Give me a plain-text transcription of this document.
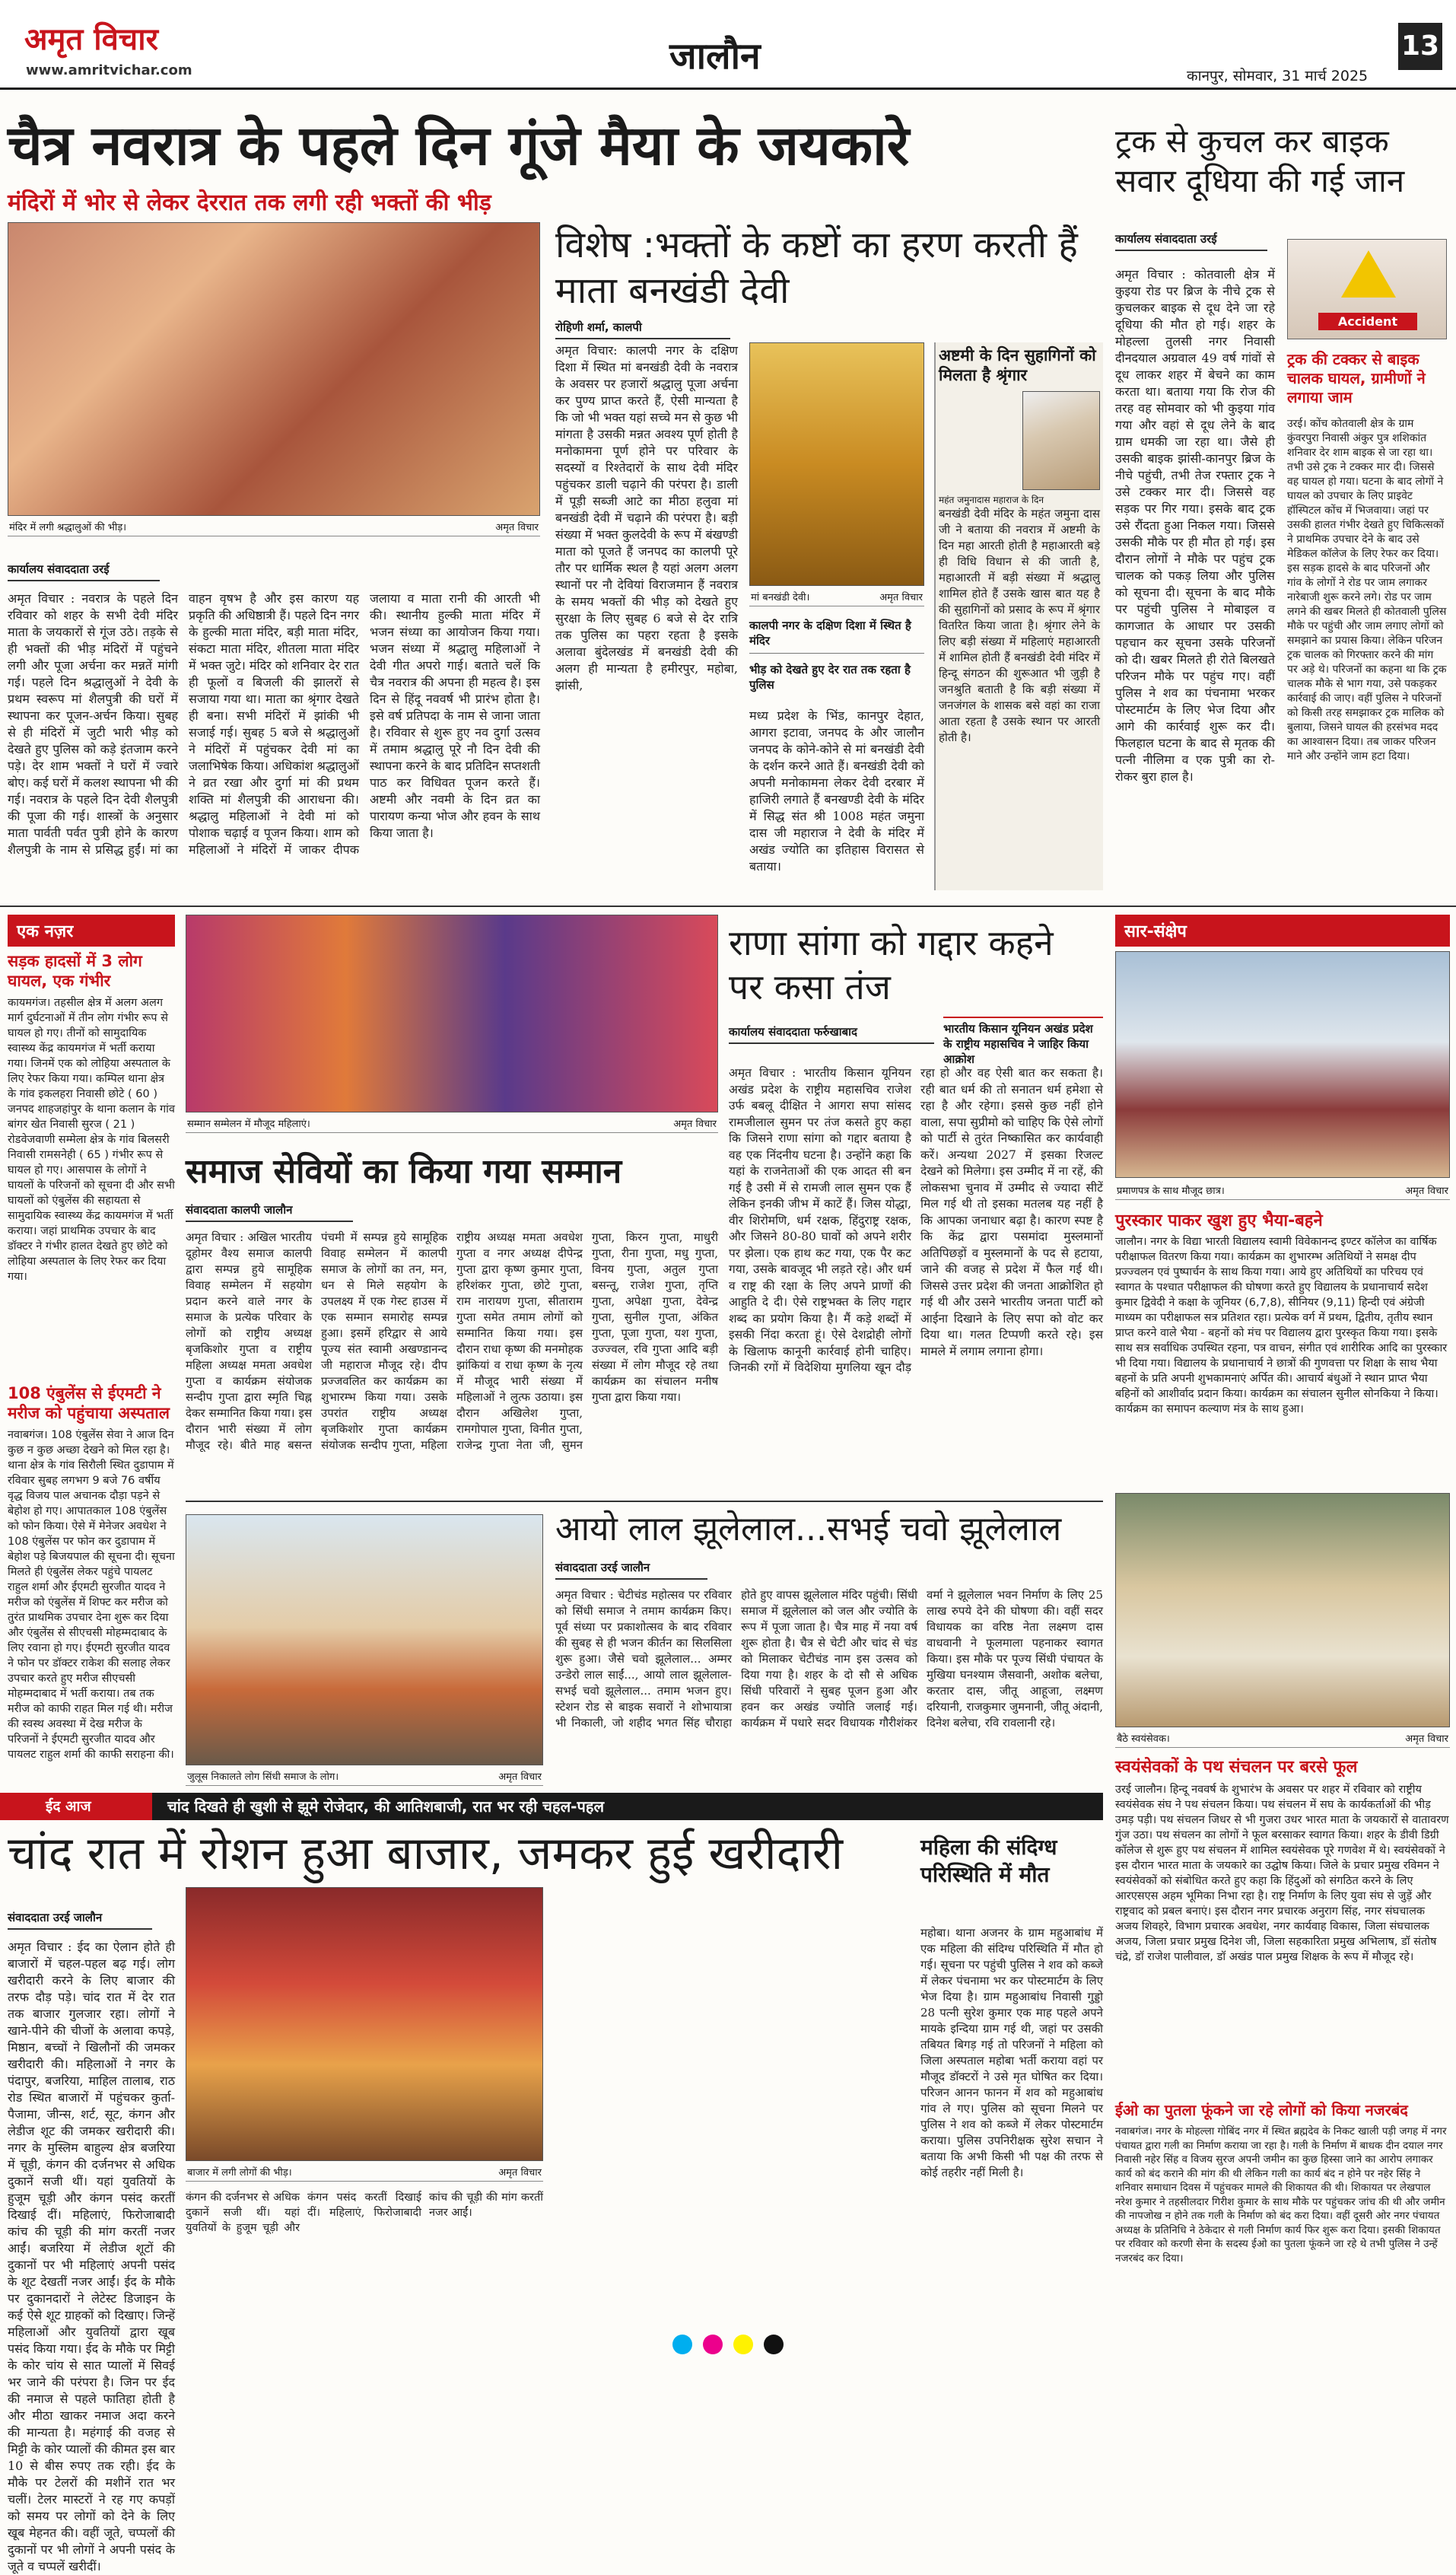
अमृत विचार
www.amritvichar.com	जालौन	कानपुर, सोमवार, 31 मार्च 2025
13
चैत्र नवरात्र के पहले दिन गूंजे मैया के जयकारे
मंदिरों में भोर से लेकर देररात तक लगी रही भक्तों की भीड़
मंदिर में लगी श्रद्धालुओं की भीड़।	अमृत विचार
कार्यालय संवाददाता उरई
अमृत विचार : नवरात्र के पहले दिन रविवार को शहर के सभी देवी मंदिर माता के जयकारों से गूंज उठे। तड़के से ही भक्तों की भीड़ मंदिरों में पहुंचने लगी और पूजा अर्चना कर मन्नतें मांगी गई। पहले दिन श्रद्धालुओं ने देवी के प्रथम स्वरूप मां शैलपुत्री की घरों में स्थापना कर पूजन-अर्चन किया। सुबह से ही मंदिरों में जुटी भारी भीड़ को देखते हुए पुलिस को कड़े इंतजाम करने पड़े। देर शाम भक्तों ने घरों में ज्वारे बोए। कई घरों में कलश स्थापना भी की गई। नवरात्र के पहले दिन देवी शैलपुत्री की पूजा की गई। शास्त्रों के अनुसार माता पार्वती पर्वत पुत्री होने के कारण शैलपुत्री के नाम से प्रसिद्ध हुईं। मां का वाहन वृषभ है और इस कारण यह प्रकृति की अधिष्ठात्री हैं। पहले दिन नगर के हुल्की माता मंदिर, बड़ी माता मंदिर, संकटा माता मंदिर, शीतला माता मंदिर में भक्त जुटे। मंदिर को शनिवार देर रात ही फूलों व बिजली की झालरों से सजाया गया था। माता का श्रृंगार देखते ही बना। सभी मंदिरों में झांकी भी सजाई गई। सुबह 5 बजे से श्रद्धालुओं ने मंदिरों में पहुंचकर देवी मां का जलाभिषेक किया। अधिकांश श्रद्धालुओं ने व्रत रखा और दुर्गा मां की प्रथम शक्ति मां शैलपुत्री की आराधना की। श्रद्धालु महिलाओं ने देवी मां को पोशाक चढ़ाई व पूजन किया। शाम को महिलाओं ने मंदिरों में जाकर दीपक जलाया व माता रानी की आरती भी की। स्थानीय हुल्की माता मंदिर में भजन संध्या का आयोजन किया गया। भजन संध्या में श्रद्धालु महिलाओं ने देवी गीत अपरो गाई। बताते चलें कि चैत्र नवरात्र की अपना ही महत्व है। इस दिन से हिंदू नववर्ष भी प्रारंभ होता है। इसे वर्ष प्रतिपदा के नाम से जाना जाता है। रविवार से शुरू हुए नव दुर्गा उत्सव में तमाम श्रद्धालु पूरे नौ दिन देवी की स्थापना करने के बाद प्रतिदिन सप्तशती पाठ कर विधिवत पूजन करते हैं। अष्टमी और नवमी के दिन व्रत का पारायण कन्या भोज और हवन के साथ किया जाता है।
विशेष :भक्तों के कष्टों का हरण करती हैं माता बनखंडी देवी
रोहिणी शर्मा, कालपी
अमृत विचार: कालपी नगर के दक्षिण दिशा में स्थित मां बनखंडी देवी के नवरात्र के अवसर पर हजारों श्रद्धालु पूजा अर्चना कर पुण्य प्राप्त करते हैं, ऐसी मान्यता है कि जो भी भक्त यहां सच्चे मन से कुछ भी मांगता है उसकी मन्नत अवश्य पूर्ण होती है मनोकामना पूर्ण होने पर परिवार के सदस्यों व रिश्तेदारों के साथ देवी मंदिर पहुंचकर डाली चढ़ाने की परंपरा है। डाली में पूड़ी सब्जी आटे का मीठा हलुवा मां बनखंडी देवी में चढ़ाने की परंपरा है। बड़ी संख्या में भक्त कुलदेवी के रूप में बंखण्डी माता को पूजते हैं जनपद का कालपी पूरे तौर पर धार्मिक स्थल है यहां अलग अलग स्थानों पर नौ देवियां विराजमान हैं नवरात्र के समय भक्तों की भीड़ को देखते हुए सुरक्षा के लिए सुबह 6 बजे से देर रात्रि तक पुलिस का पहरा रहता है इसके अलावा बुंदेलखंड में बनखंडी देवी की अलग ही मान्यता है हमीरपुर, महोबा, झांसी,
मां बनखंडी देवी।	अमृत विचार
कालपी नगर के दक्षिण दिशा में स्थित है मंदिर
भीड़ को देखते हुए देर रात तक रहता है पुलिस
मध्य प्रदेश के भिंड, कानपुर देहात, आगरा इटावा, जनपद के और जालौन जनपद के कोने-कोने से मां बनखंडी देवी के दर्शन करने आते हैं। बनखंडी देवी को अपनी मनोकामना लेकर देवी दरबार में हाजिरी लगाते हैं बनखण्डी देवी के मंदिर में सिद्ध संत श्री 1008 महंत जमुना दास जी महाराज ने देवी के मंदिर में अखंड ज्योति का इतिहास विरासत से बताया।
अष्टमी के दिन सुहागिनों को मिलता है श्रृंगार
महंत जमुनादास महाराज के दिन
बनखंडी देवी मंदिर के महंत जमुना दास जी ने बताया की नवरात्र में अष्टमी के दिन महा आरती होती है महाआरती बड़े ही विधि विधान से की जाती है, महाआरती में बड़ी संख्या में श्रद्धालु शामिल होते हैं उसके खास बात यह है की सुहागिनों को प्रसाद के रूप में श्रृंगार वितरित किया जाता है। श्रृंगार लेने के लिए बड़ी संख्या में महिलाएं महाआरती में शामिल होती हैं बनखंडी देवी मंदिर में हिन्दू संगठन की शुरूआत भी जुड़ी है जनश्रुति बताती है कि बड़ी संख्या में जनजंगल के शासक बसे वहां का राजा आता रहता है उसके स्थान पर आरती होती है।
ट्रक से कुचल कर बाइक सवार दूधिया की गई जान
कार्यालय संवाददाता उरई
अमृत विचार : कोतवाली क्षेत्र में कुइया रोड पर ब्रिज के नीचे ट्रक से कुचलकर बाइक से दूध देने जा रहे दूधिया की मौत हो गई। शहर के मोहल्ला तुलसी नगर निवासी दीनदयाल अग्रवाल 49 वर्ष गांवों से दूध लाकर शहर में बेचने का काम करता था। बताया गया कि रोज की तरह वह सोमवार को भी कुइया गांव गया और वहां से दूध लेने के बाद ग्राम धमकी जा रहा था। जैसे ही उसकी बाइक झांसी-कानपुर ब्रिज के नीचे पहुंची, तभी तेज रफ्तार ट्रक ने उसे टक्कर मार दी। जिससे वह सड़क पर गिर गया। इसके बाद ट्रक उसे रौंदता हुआ निकल गया। जिससे उसकी मौके पर ही मौत हो गई। इस दौरान लोगों ने मौके पर पहुंच ट्रक चालक को पकड़ लिया और पुलिस को सूचना दी। सूचना के बाद मौके पर पहुंची पुलिस ने मोबाइल व कागजात के आधार पर उसकी पहचान कर सूचना उसके परिजनों को दी। खबर मिलते ही रोते बिलखते परिजन मौके पर पहुंच गए। वहीं पुलिस ने शव का पंचनामा भरकर पोस्टमार्टम के लिए भेज दिया और आगे की कार्रवाई शुरू कर दी। फिलहाल घटना के बाद से मृतक की पत्नी नीलिमा व एक पुत्री का रो-रोकर बुरा हाल है।
Accident
ट्रक की टक्कर से बाइक चालक घायल, ग्रामीणों ने लगाया जाम
उरई। कोंच कोतवाली क्षेत्र के ग्राम कुंवरपुरा निवासी अंकुर पुत्र शशिकांत शनिवार देर शाम बाइक से जा रहा था। तभी उसे ट्रक ने टक्कर मार दी। जिससे वह घायल हो गया। घटना के बाद लोगों ने घायल को उपचार के लिए प्राइवेट हॉस्पिटल कोंच में भिजवाया। जहां पर उसकी हालत गंभीर देखते हुए चिकित्सकों ने प्राथमिक उपचार देने के बाद उसे मेडिकल कॉलेज के लिए रेफर कर दिया। इस सड़क हादसे के बाद परिजनों और गांव के लोगों ने रोड पर जाम लगाकर नारेबाजी शुरू करने लगे। रोड पर जाम लगने की खबर मिलते ही कोतवाली पुलिस मौके पर पहुंची और जाम लगाए लोगों को समझाने का प्रयास किया। लेकिन परिजन ट्रक चालक को गिरफ्तार करने की मांग पर अड़े थे। परिजनों का कहना था कि ट्रक चालक मौके से भाग गया, उसे पकड़कर कार्रवाई की जाए। वहीं पुलिस ने परिजनों को किसी तरह समझाकर ट्रक मालिक को बुलाया, जिसने घायल की हरसंभव मदद का आश्वासन दिया। तब जाकर परिजन माने और उन्होंने जाम हटा दिया।
एक नज़र
सड़क हादसों में 3 लोग घायल, एक गंभीर
कायमगंज। तहसील क्षेत्र में अलग अलग मार्ग दुर्घटनाओं में तीन लोग गंभीर रूप से घायल हो गए। तीनों को सामुदायिक स्वास्थ्य केंद्र कायमगंज में भर्ती कराया गया। जिनमें एक को लोहिया अस्पताल के लिए रेफर किया गया। कम्पिल थाना क्षेत्र के गांव इकलहरा निवासी छोटे ( 60 ) जनपद शाहजहांपुर के थाना कलान के गांव बांगर खेत निवासी सुरज ( 21 ) रोडवेजवाणी सम्मेला क्षेत्र के गांव बिलसरी निवासी रामसनेही ( 65 ) गंभीर रूप से घायल हो गए। आसपास के लोगों ने घायलों के परिजनों को सूचना दी और सभी घायलों को एंबुलेंस की सहायता से सामुदायिक स्वास्थ्य केंद्र कायमगंज में भर्ती कराया। जहां प्राथमिक उपचार के बाद डॉक्टर ने गंभीर हालत देखते हुए छोटे को लोहिया अस्पताल के लिए रेफर कर दिया गया।
108 एंबुलेंस से ईएमटी ने मरीज को पहुंचाया अस्पताल
नवाबगंज। 108 एंबुलेंस सेवा ने आज दिन कुछ न कुछ अच्छा देखने को मिल रहा है। थाना क्षेत्र के गांव सिरौली स्थित दुडापाम में रविवार सुबह लगभग 9 बजे 76 वर्षीय वृद्ध विजय पाल अचानक दौड़ा पड़ने से बेहोश हो गए। आपातकाल 108 एंबुलेंस को फोन किया। ऐसे में मेनेजर अवधेश ने 108 एंबुलेंस पर फोन कर दुडापाम में बेहोश पड़े बिजयपाल की सूचना दी। सूचना मिलते ही एंबुलेंस लेकर पहुंचे पायलट राहुल शर्मा और ईएमटी सुरजीत यादव ने मरीज को एंबुलेंस में शिफ्ट कर मरीज को तुरंत प्राथमिक उपचार देना शुरू कर दिया और एंबुलेंस से सीएचसी मोहम्मदाबाद के लिए रवाना हो गए। ईएमटी सुरजीत यादव ने फोन पर डॉक्टर राकेश की सलाह लेकर उपचार करते हुए मरीज सीएचसी मोहम्मदाबाद में भर्ती कराया। तब तक मरीज को काफी राहत मिल गई थी। मरीज की स्वस्थ अवस्था में देख मरीज के परिजनों ने ईएमटी सुरजीत यादव और पायलट राहुल शर्मा की काफी सराहना की।
सम्मान सम्मेलन में मौजूद महिलाएं।	अमृत विचार
समाज सेवियों का किया गया सम्मान
संवाददाता कालपी जालौन
अमृत विचार : अखिल भारतीय दूहोमर वैश्य समाज कालपी द्वारा सम्पन्न हुये सामूहिक विवाह सम्मेलन में सहयोग प्रदान करने वाले नगर के समाज के प्रत्येक परिवार के लोगों को राष्ट्रीय अध्यक्ष बृजकिशोर गुप्ता व राष्ट्रीय महिला अध्यक्ष ममता अवधेश गुप्ता व कार्यक्रम संयोजक सन्दीप गुप्ता द्वारा स्मृति चिह्न देकर सम्मानित किया गया। इस दौरान भारी संख्या में लोग मौजूद रहे। बीते माह बसन्त पंचमी में सम्पन्न हुये सामूहिक विवाह सम्मेलन में कालपी समाज के लोगों का तन, मन, धन से मिले सहयोग के उपलक्ष्य में एक गेस्ट हाउस में एक सम्मान समारोह सम्पन्न हुआ। इसमें हरिद्वार से आये पूज्य संत स्वामी अखण्डानन्द जी महाराज मौजूद रहे। दीप प्रज्जवलित कर कार्यक्रम का शुभारम्भ किया गया। उसके उपरांत राष्ट्रीय अध्यक्ष बृजकिशोर गुप्ता कार्यक्रम संयोजक सन्दीप गुप्ता, महिला राष्ट्रीय अध्यक्ष ममता अवधेश गुप्ता व नगर अध्यक्ष दीपेन्द्र गुप्ता द्वारा कृष्ण कुमार गुप्ता, हरिशंकर गुप्ता, छोटे गुप्ता, राम नारायण गुप्ता, सीताराम गुप्ता समेत तमाम लोगों को सम्मानित किया गया। इस दौरान राधा कृष्ण की मनमोहक झांकियां व राधा कृष्ण के नृत्य में मौजूद भारी संख्या में महिलाओं ने लुत्फ उठाया। इस दौरान अखिलेश गुप्ता, रामगोपाल गुप्ता, विनीत गुप्ता, राजेन्द्र गुप्ता नेता जी, सुमन गुप्ता, किरन गुप्ता, माधुरी गुप्ता, रीना गुप्ता, मधु गुप्ता, विनय गुप्ता, अतुल गुप्ता बसन्तू, राजेश गुप्ता, तृप्ति गुप्ता, अपेक्षा गुप्ता, देवेन्द्र गुप्ता, सुनील गुप्ता, अंकित गुप्ता, पूजा गुप्ता, यश गुप्ता, उज्ज्वल, रवि गुप्ता आदि बड़ी संख्या में लोग मौजूद रहे तथा कार्यक्रम का संचालन मनीष गुप्ता द्वारा किया गया।
राणा सांगा को गद्दार कहने पर कसा तंज
कार्यालय संवाददाता फर्रुखाबाद	भारतीय किसान यूनियन अखंड प्रदेश के राष्ट्रीय महासचिव ने जाहिर किया आक्रोश
अमृत विचार : भारतीय किसान यूनियन अखंड प्रदेश के राष्ट्रीय महासचिव राजेश उर्फ बबलू दीक्षित ने आगरा सपा सांसद रामजीलाल सुमन पर तंज कसते हुए कहा कि जिसने राणा सांगा को गद्दार बताया है वह एक निंदनीय घटना है। उन्होंने कहा कि यहां के राजनेताओं की एक आदत सी बन गई है उसी में से रामजी लाल सुमन एक हैं लेकिन इनकी जीभ में काटें हैं। जिस योद्धा, वीर शिरोमणि, धर्म रक्षक, हिंदुराष्ट्र रक्षक, और जिसने 80-80 घावों को अपने शरीर पर झेला। एक हाथ कट गया, एक पैर कट गया, उसके बावजूद भी लड़ते रहे। और धर्म व राष्ट्र की रक्षा के लिए अपने प्राणों की आहुति दे दी। ऐसे राष्ट्रभक्त के लिए गद्दार शब्द का प्रयोग किया है। मैं कड़े शब्दों में इसकी निंदा करता हूं। ऐसे देशद्रोही लोगों के खिलाफ कानूनी कार्रवाई होनी चाहिए। जिनकी रगों में विदेशिया मुगलिया खून दौड़ रहा हो और वह ऐसी बात कर सकता है। रही बात धर्म की तो सनातन धर्म हमेशा से रहा है और रहेगा। इससे कुछ नहीं होने वाला, सपा सुप्रीमो को चाहिए कि ऐसे लोगों को पार्टी से तुरंत निष्कासित कर कार्यवाही करें। अन्यथा 2027 में इसका रिजल्ट देखने को मिलेगा। इस उम्मीद में ना रहें, की लोकसभा चुनाव में उम्मीद से ज्यादा सीटें मिल गई थी तो इसका मतलब यह नहीं है कि आपका जनाधार बढ़ा है। कारण स्पष्ट है कि केंद्र द्वारा पसमांदा मुस्लमानों अतिपिछड़ों व मुस्लमानों के पद से हटाया, जाने की वजह से प्रदेश में फैल गई थी। जिससे उत्तर प्रदेश की जनता आक्रोशित हो गई थी और उसने भारतीय जनता पार्टी को आईना दिखाने के लिए सपा को वोट कर दिया था। गलत टिप्पणी करते रहे। इस मामले में लगाम लगाना होगा।
सार-संक्षेप
प्रमाणपत्र के साथ मौजूद छात्र।	अमृत विचार
पुरस्कार पाकर खुश हुए भैया-बहने
जालौन। नगर के विद्या भारती विद्यालय स्वामी विवेकानन्द इण्टर कॉलेज का वार्षिक परीक्षाफल वितरण किया गया। कार्यक्रम का शुभारम्भ अतिथियों ने समक्ष दीप प्रज्ज्वलन एवं पुष्पार्चन के साथ किया गया। आये हुए अतिथियों का परिचय एवं स्वागत के पश्चात परीक्षाफल की घोषणा करते हुए विद्यालय के प्रधानाचार्य सदेश कुमार द्विवेदी ने कक्षा के जूनियर (6,7,8), सीनियर (9,11) हिन्दी एवं अंग्रेजी माध्यम का परीक्षाफल सत्र प्रतिशत रहा। प्रत्येक वर्ग में प्रथम, द्वितीय, तृतीय स्थान प्राप्त करने वाले भैया - बहनों को मंच पर विद्यालय द्वारा पुरस्कृत किया गया। इसके साथ सत्र सर्वाधिक उपस्थित रहना, पत्र वाचन, संगीत एवं शारीरिक आदि का पुरस्कार भी दिया गया। विद्यालय के प्रधानाचार्य ने छात्रों की गुणवत्ता पर शिक्षा के साथ भैया बहनों के प्रति अपनी शुभकामनाएं अर्पित की। आचार्य बंधुओं ने स्थान प्राप्त भैया बहिनों को आशीर्वाद प्रदान किया। कार्यक्रम का संचालन सुनील सोनकिया ने किया। कार्यक्रम का समापन कल्याण मंत्र के साथ हुआ।
बैठे स्वयंसेवक।	अमृत विचार
स्वयंसेवकों के पथ संचलन पर बरसे फूल
उरई जालौन। हिन्दू नववर्ष के शुभारंभ के अवसर पर शहर में रविवार को राष्ट्रीय स्वयंसेवक संघ ने पथ संचलन किया। पथ संचलन में सघ के कार्यकर्ताओं की भीड़ उमड़ पड़ी। पथ संचलन जिधर से भी गुजरा उधर भारत माता के जयकारों से वातावरण गुंज उठा। पथ संचलन का लोगों ने फूल बरसाकर स्वागत किया। शहर के डीवी डिग्री कॉलेज से शुरू हुए पथ संचलन में शामिल स्वयंसेवक पूरे गणवेश में थे। स्वयंसेवकों ने इस दौरान भारत माता के जयकारे का उद्घोष किया। जिले के प्रचार प्रमुख रविमन ने स्वयंसेवकों को संबोधित करते हुए कहा कि हिंदुओं को संगठित करने के लिए आरएसएस अहम भूमिका निभा रहा है। राष्ट्र निर्माण के लिए युवा संघ से जुड़ें और राष्ट्रवाद को प्रबल बनाएं। इस दौरान नगर प्रचारक अनुराग सिंह, नगर संघचालक अजय शिवहरे, विभाग प्रचारक अवधेश, नगर कार्यवाह विकास, जिला संघचालक अजय, जिला प्रचार प्रमुख दिनेश जी, जिला सहकारिता प्रमुख अभिलाष, डॉ संतोष चंद्रे, डॉ राजेश पालीवाल, डॉ अखंड पाल प्रमुख शिक्षक के रूप में मौजूद रहे।
ईओ का पुतला फूंकने जा रहे लोगों को किया नजरबंद
नवाबगंज। नगर के मोहल्ला गोबिंद नगर में स्थित ब्रह्मदेव के निकट खाली पड़ी जगह में नगर पंचायत द्वारा गली का निर्माण कराया जा रहा है। गली के निर्माण में बाधक दीन दयाल नगर निवासी नहेर सिंह व विजय सुरज अपनी जमीन का कुछ हिस्सा जाने का आरोप लगाकर कार्य को बंद कराने की मांग की थी लेकिन गली का कार्य बंद न होने पर नहेर सिंह ने शनिवार समाधान दिवस में पहुंचकर मामले की शिकायत की थी। शिकायत पर लेखपाल नरेश कुमार ने तहसीलदार गिरीश कुमार के साथ मौके पर पहुंचकर जांच की थी और जमीन की नापजोख न होने तक गली के निर्माण को बंद करा दिया। वहीं दूसरी ओर नगर पंचायत अध्यक्ष के प्रतिनिधि ने ठेकेदार से गली निर्माण कार्य फिर शुरू करा दिया। इसकी शिकायत पर रविवार को करणी सेना के सदस्य ईओ का पुतला फूंकने जा रहे थे तभी पुलिस ने उन्हें नजरबंद कर दिया।
आयो लाल झूलेलाल...सभई चवो झूलेलाल
जुलूस निकालते लोग सिंधी समाज के लोग।	अमृत विचार
संवाददाता उरई जालौन
अमृत विचार : चेटीचंड महोत्सव पर रविवार को सिंधी समाज ने तमाम कार्यक्रम किए। पूर्व संध्या पर प्रकाशोत्सव के बाद रविवार की सुबह से ही भजन कीर्तन का सिलसिला शुरू हुआ। जैसे चवो झूलेलाल... अम्मर उन्डेरो लाल साईं..., आयो लाल झूलेलाल-सभई चवो झूलेलाल... तमाम भजन हुए। स्टेशन रोड से बाइक सवारों ने शोभायात्रा भी निकाली, जो शहीद भगत सिंह चौराहा होते हुए वापस झूलेलाल मंदिर पहुंची। सिंधी समाज में झूलेलाल को जल और ज्योति के रूप में पूजा जाता है। चैत्र माह में नया वर्ष शुरू होता है। चैत्र से चेटी और चांद से चंड को मिलाकर चेटीचंड नाम इस उत्सव को दिया गया है। शहर के दो सौ से अधिक सिंधी परिवारों ने सुबह पूजन हुआ और हवन कर अखंड ज्योति जलाई गई। कार्यक्रम में पधारे सदर विधायक गौरीशंकर वर्मा ने झूलेलाल भवन निर्माण के लिए 25 लाख रुपये देने की घोषणा की। वहीं सदर विधायक का वरिष्ठ नेता लक्ष्मण दास वाधवानी ने फूलमाला पहनाकर स्वागत किया। इस मौके पर पूज्य सिंधी पंचायत के मुखिया घनश्याम जैसवानी, अशोक बलेचा, करतार दास, जीतू आहूजा, लक्ष्मण दरियानी, राजकुमार जुमनानी, जीतू अंदानी, दिनेश बलेचा, रवि रावलानी रहे।
ईद आज	चांद दिखते ही खुशी से झूमे रोजेदार, की आतिशबाजी, रात भर रही चहल-पहल
चांद रात में रोशन हुआ बाजार, जमकर हुई खरीदारी
संवाददाता उरई जालौन
अमृत विचार : ईद का ऐलान होते ही बाजारों में चहल-पहल बढ़ गई। लोग खरीदारी करने के लिए बाजार की तरफ दौड़ पड़े। चांद रात में देर रात तक बाजार गुलजार रहा। लोगों ने खाने-पीने की चीजों के अलावा कपड़े, मिष्ठान, बच्चों ने खिलौनों की जमकर खरीदारी की। महिलाओं ने नगर के पंदापुर, बजरिया, माहिल तालाब, राठ रोड स्थित बाजारों में पहुंचकर कुर्ता-पैजामा, जीन्स, शर्ट, सूट, कंगन और लेडीज शूट की जमकर खरीदारी की। नगर के मुस्लिम बाहुल्य क्षेत्र बजरिया में चूड़ी, कंगन की दर्जनभर से अधिक दुकानें सजी थीं। यहां युवतियों के हुजूम चूड़ी और कंगन पसंद करतीं दिखाई दीं। महिलाएं, फिरोजाबादी कांच की चूड़ी की मांग करतीं नजर आईं। बजरिया में लेडीज शूटों की दुकानों पर भी महिलाएं अपनी पसंद के शूट देखतीं नजर आईं। ईद के मौके पर दुकानदारों ने लेटेस्ट डिजाइन के कई ऐसे शूट ग्राहकों को दिखाए। जिन्हें महिलाओं और युवतियों द्वारा खूब पसंद किया गया। ईद के मौके पर मिट्टी के कोर चांय से सात प्यालों में सिवई भर जाने की परंपरा है। जिन पर ईद की नमाज से पहले फातिहा होती है और मीठा खाकर नमाज अदा करने की मान्यता है। महंगाई की वजह से मिट्टी के कोर प्यालों की कीमत इस बार 10 से बीस रुपए तक रही। ईद के मौके पर टेलरों की मशीनें रात भर चलीं। टेलर मास्टरों ने रह गए कपड़ों को समय पर लोगों को देने के लिए खूब मेहनत की। वहीं जूते, चप्पलों की दुकानों पर भी लोगों ने अपनी पसंद के जूते व चप्पलें खरीदीं।
बाजार में लगी लोगों की भीड़।	अमृत विचार
कंगन की दर्जनभर से अधिक दुकानें सजी थीं। यहां युवतियों के हुजूम चूड़ी और कंगन पसंद करतीं दिखाई दीं। महिलाएं, फिरोजाबादी कांच की चूड़ी की मांग करतीं नजर आईं।
महिला की संदिग्ध परिस्थिति में मौत
महोबा। थाना अजनर के ग्राम महुआबांध में एक महिला की संदिग्ध परिस्थिति में मौत हो गई। सूचना पर पहुंची पुलिस ने शव को कब्जे में लेकर पंचनामा भर कर पोस्टमार्टम के लिए भेज दिया है। ग्राम महुआबांध निवासी गुड्डो 28 पत्नी सुरेश कुमार एक माह पहले अपने मायके इन्दिया ग्राम गई थी, जहां पर उसकी तबियत बिगड़ गई तो परिजनों ने महिला को जिला अस्पताल महोबा भर्ती कराया वहां पर मौजूद डॉक्टरों ने उसे मृत घोषित कर दिया। परिजन आनन फानन में शव को महुआबांध गांव ले गए। पुलिस को सूचना मिलने पर पुलिस ने शव को कब्जे में लेकर पोस्टमार्टम कराया। पुलिस उपनिरीक्षक सुरेश सचान ने बताया कि अभी किसी भी पक्ष की तरफ से कोई तहरीर नहीं मिली है।
